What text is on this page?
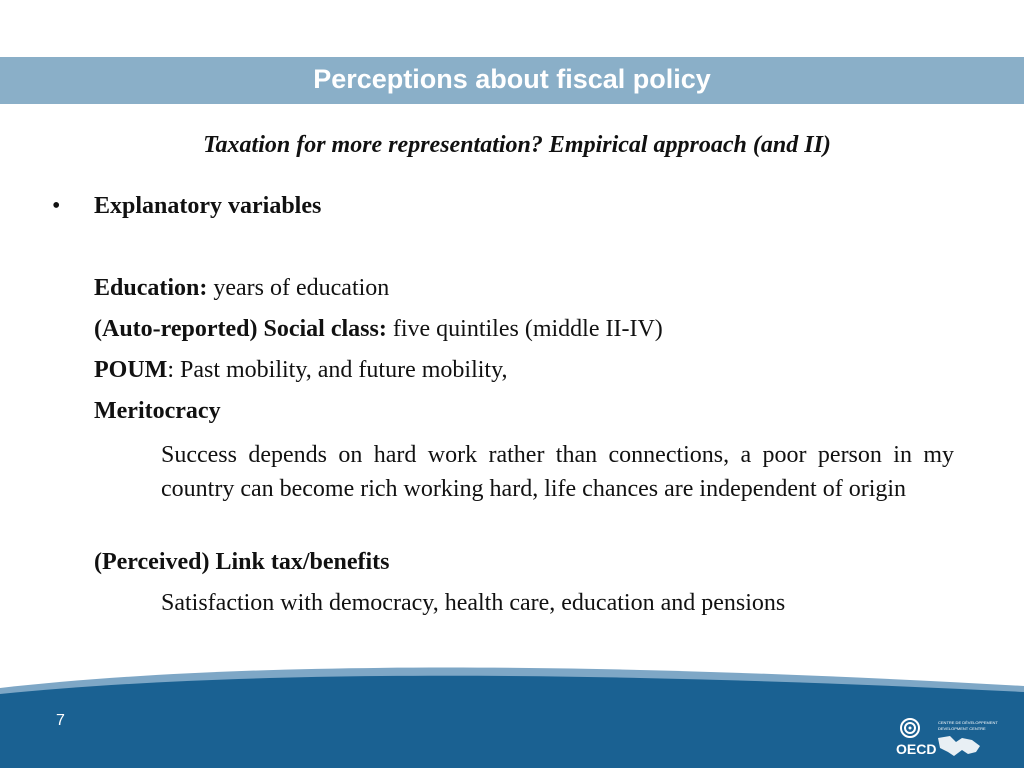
Perceptions about fiscal policy
Taxation for more representation? Empirical approach (and II)
• Explanatory variables
Education: years of education
(Auto-reported) Social class: five quintiles (middle II-IV)
POUM: Past mobility, and future mobility,
Meritocracy
Success depends on hard work rather than connections, a poor person in my country can become rich working hard, life chances are independent of origin
(Perceived) Link tax/benefits
Satisfaction with democracy, health care, education and pensions
7
OECD
CENTRE DE DÉVELOPPEMENT
DEVELOPMENT CENTRE
